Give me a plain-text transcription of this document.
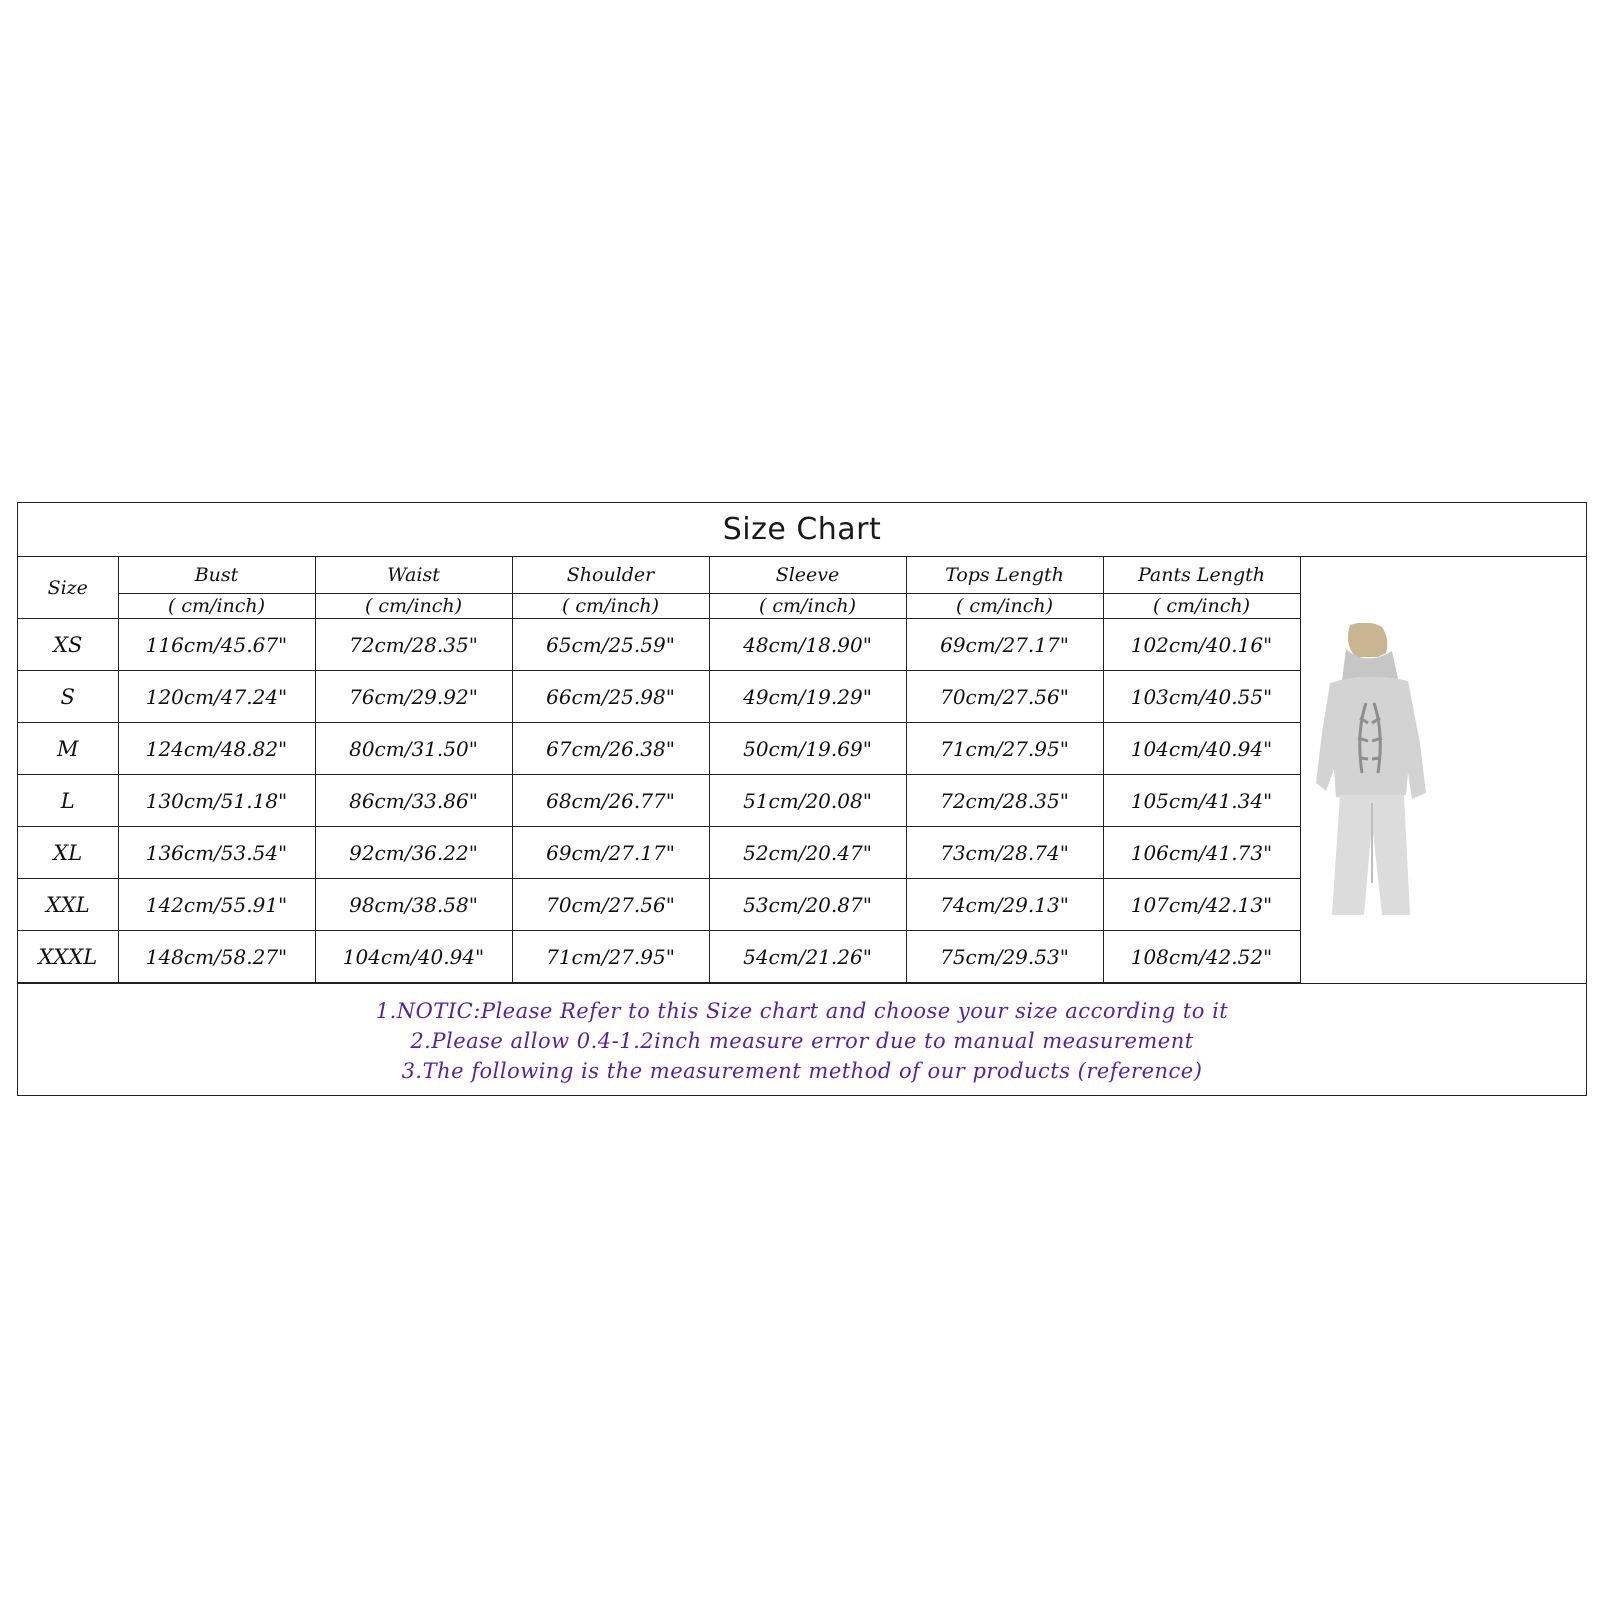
Size Chart
Size	Bust	Waist	Shoulder	Sleeve	Tops Length	Pants Length
	( cm/inch)	( cm/inch)	( cm/inch)	( cm/inch)	( cm/inch)	( cm/inch)
XS	116cm/45.67"	72cm/28.35"	65cm/25.59"	48cm/18.90"	69cm/27.17"	102cm/40.16"
S	120cm/47.24"	76cm/29.92"	66cm/25.98"	49cm/19.29"	70cm/27.56"	103cm/40.55"
M	124cm/48.82"	80cm/31.50"	67cm/26.38"	50cm/19.69"	71cm/27.95"	104cm/40.94"
L	130cm/51.18"	86cm/33.86"	68cm/26.77"	51cm/20.08"	72cm/28.35"	105cm/41.34"
XL	136cm/53.54"	92cm/36.22"	69cm/27.17"	52cm/20.47"	73cm/28.74"	106cm/41.73"
XXL	142cm/55.91"	98cm/38.58"	70cm/27.56"	53cm/20.87"	74cm/29.13"	107cm/42.13"
XXXL	148cm/58.27"	104cm/40.94"	71cm/27.95"	54cm/21.26"	75cm/29.53"	108cm/42.52"
1.NOTIC:Please Refer to this Size chart and choose your size according to it
2.Please allow 0.4-1.2inch measure error due to manual measurement
3.The following is the measurement method of our products (reference)
